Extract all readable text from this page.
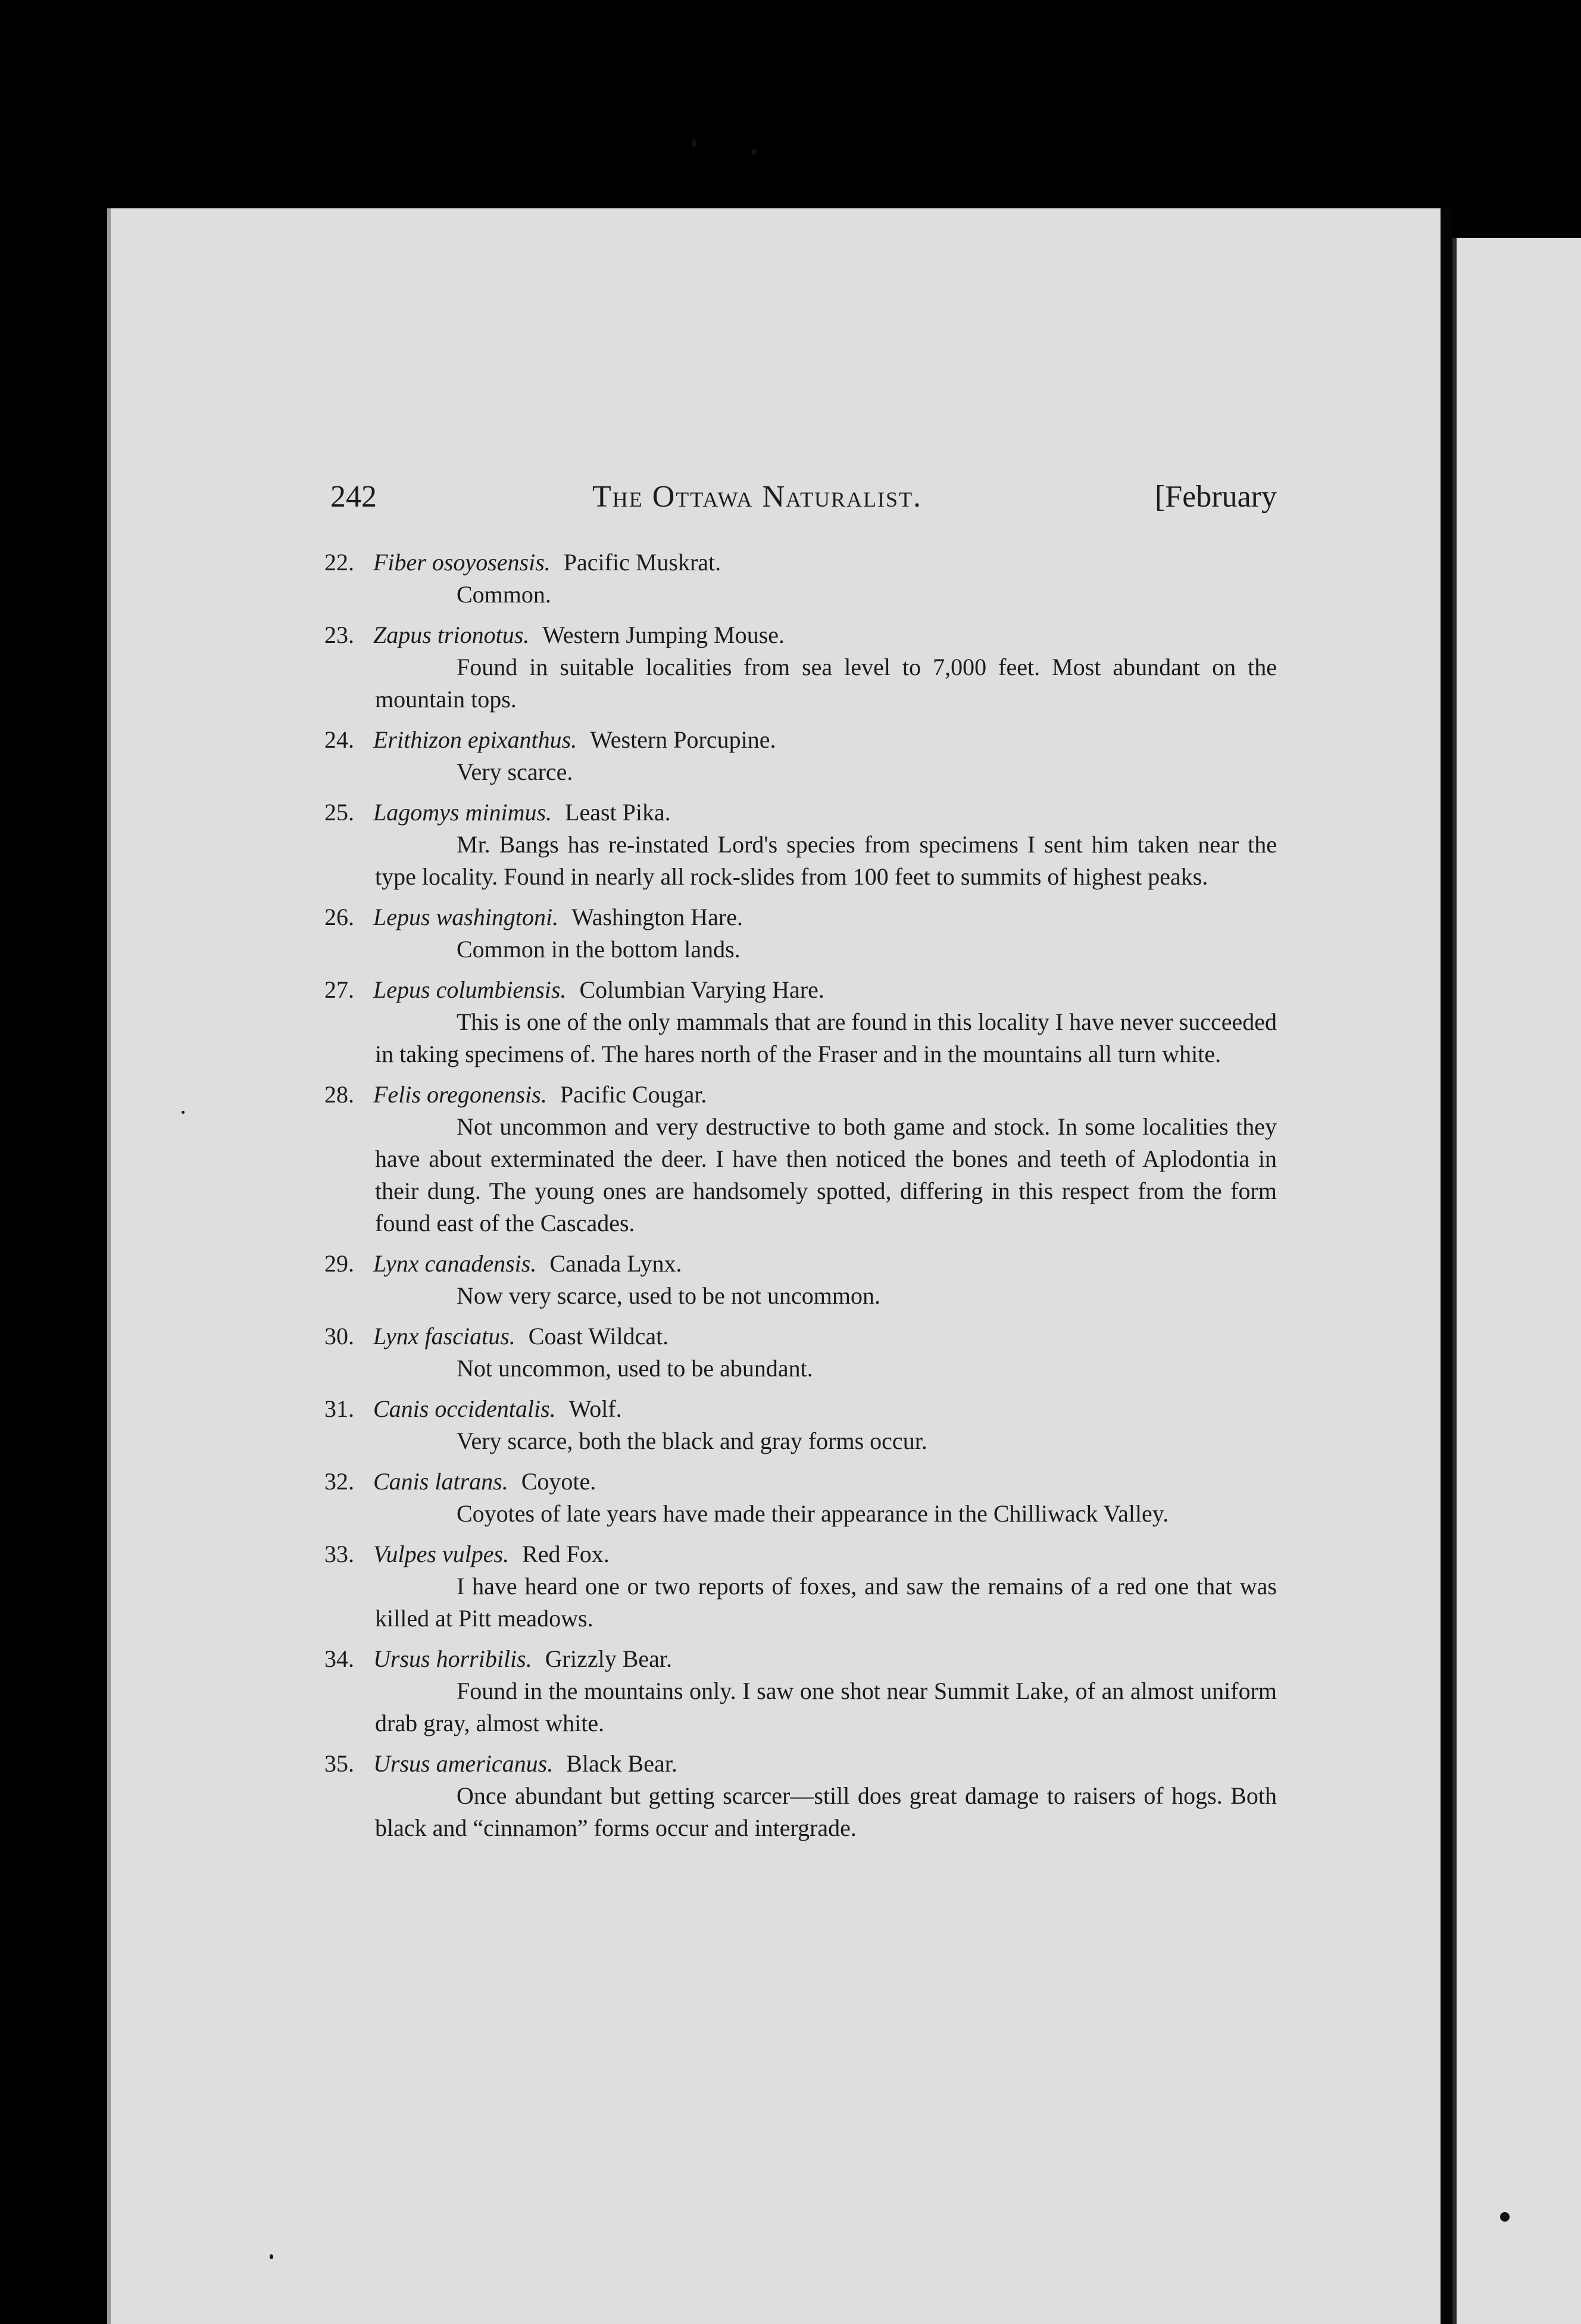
242	The Ottawa Naturalist.	[February
22. Fiber osoyosensis. Pacific Muskrat.
Common.
23. Zapus trionotus. Western Jumping Mouse.
Found in suitable localities from sea level to 7,000 feet. Most abundant on the mountain tops.
24. Erithizon epixanthus. Western Porcupine.
Very scarce.
25. Lagomys minimus. Least Pika.
Mr. Bangs has re-instated Lord's species from specimens I sent him taken near the type locality. Found in nearly all rock-slides from 100 feet to summits of highest peaks.
26. Lepus washingtoni. Washington Hare.
Common in the bottom lands.
27. Lepus columbiensis. Columbian Varying Hare.
This is one of the only mammals that are found in this locality I have never succeeded in taking specimens of. The hares north of the Fraser and in the mountains all turn white.
28. Felis oregonensis. Pacific Cougar.
Not uncommon and very destructive to both game and stock. In some localities they have about exterminated the deer. I have then noticed the bones and teeth of Aplodontia in their dung. The young ones are handsomely spotted, differing in this respect from the form found east of the Cascades.
29. Lynx canadensis. Canada Lynx.
Now very scarce, used to be not uncommon.
30. Lynx fasciatus. Coast Wildcat.
Not uncommon, used to be abundant.
31. Canis occidentalis. Wolf.
Very scarce, both the black and gray forms occur.
32. Canis latrans. Coyote.
Coyotes of late years have made their appearance in the Chilliwack Valley.
33. Vulpes vulpes. Red Fox.
I have heard one or two reports of foxes, and saw the remains of a red one that was killed at Pitt meadows.
34. Ursus horribilis. Grizzly Bear.
Found in the mountains only. I saw one shot near Summit Lake, of an almost uniform drab gray, almost white.
35. Ursus americanus. Black Bear.
Once abundant but getting scarcer—still does great damage to raisers of hogs. Both black and “cinnamon” forms occur and intergrade.
